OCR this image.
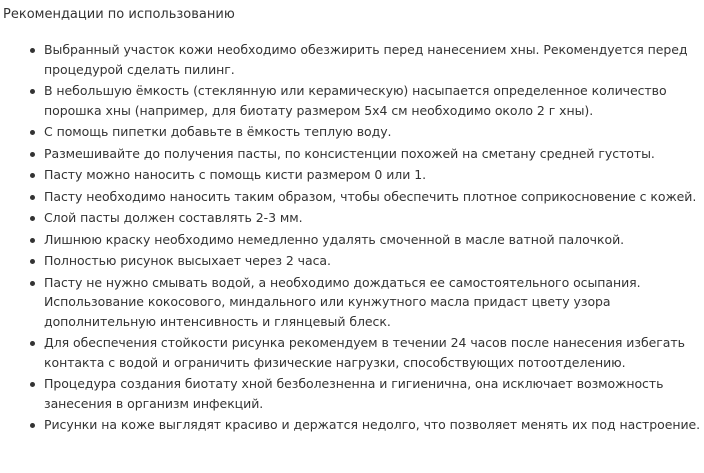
Рекомендации по использованию
Выбранный участок кожи необходимо обезжирить перед нанесением хны. Рекомендуется перед
процедурой сделать пилинг.
В небольшую ёмкость (стеклянную или керамическую) насыпается определенное количество
порошка хны (например, для биотату размером 5х4 см необходимо около 2 г хны).
С помощь пипетки добавьте в ёмкость теплую воду.
Размешивайте до получения пасты, по консистенции похожей на сметану средней густоты.
Пасту можно наносить с помощь кисти размером 0 или 1.
Пасту необходимо наносить таким образом, чтобы обеспечить плотное соприкосновение с кожей.
Слой пасты должен составлять 2-3 мм.
Лишнюю краску необходимо немедленно удалять смоченной в масле ватной палочкой.
Полностью рисунок высыхает через 2 часа.
Пасту не нужно смывать водой, а необходимо дождаться ее самостоятельного осыпания.
Использование кокосового, миндального или кунжутного масла придаст цвету узора
дополнительную интенсивность и глянцевый блеск.
Для обеспечения стойкости рисунка рекомендуем в течении 24 часов после нанесения избегать
контакта с водой и ограничить физические нагрузки, способствующих потоотделению.
Процедура создания биотату хной безболезненна и гигиенична, она исключает возможность
занесения в организм инфекций.
Рисунки на коже выглядят красиво и держатся недолго, что позволяет менять их под настроение.
